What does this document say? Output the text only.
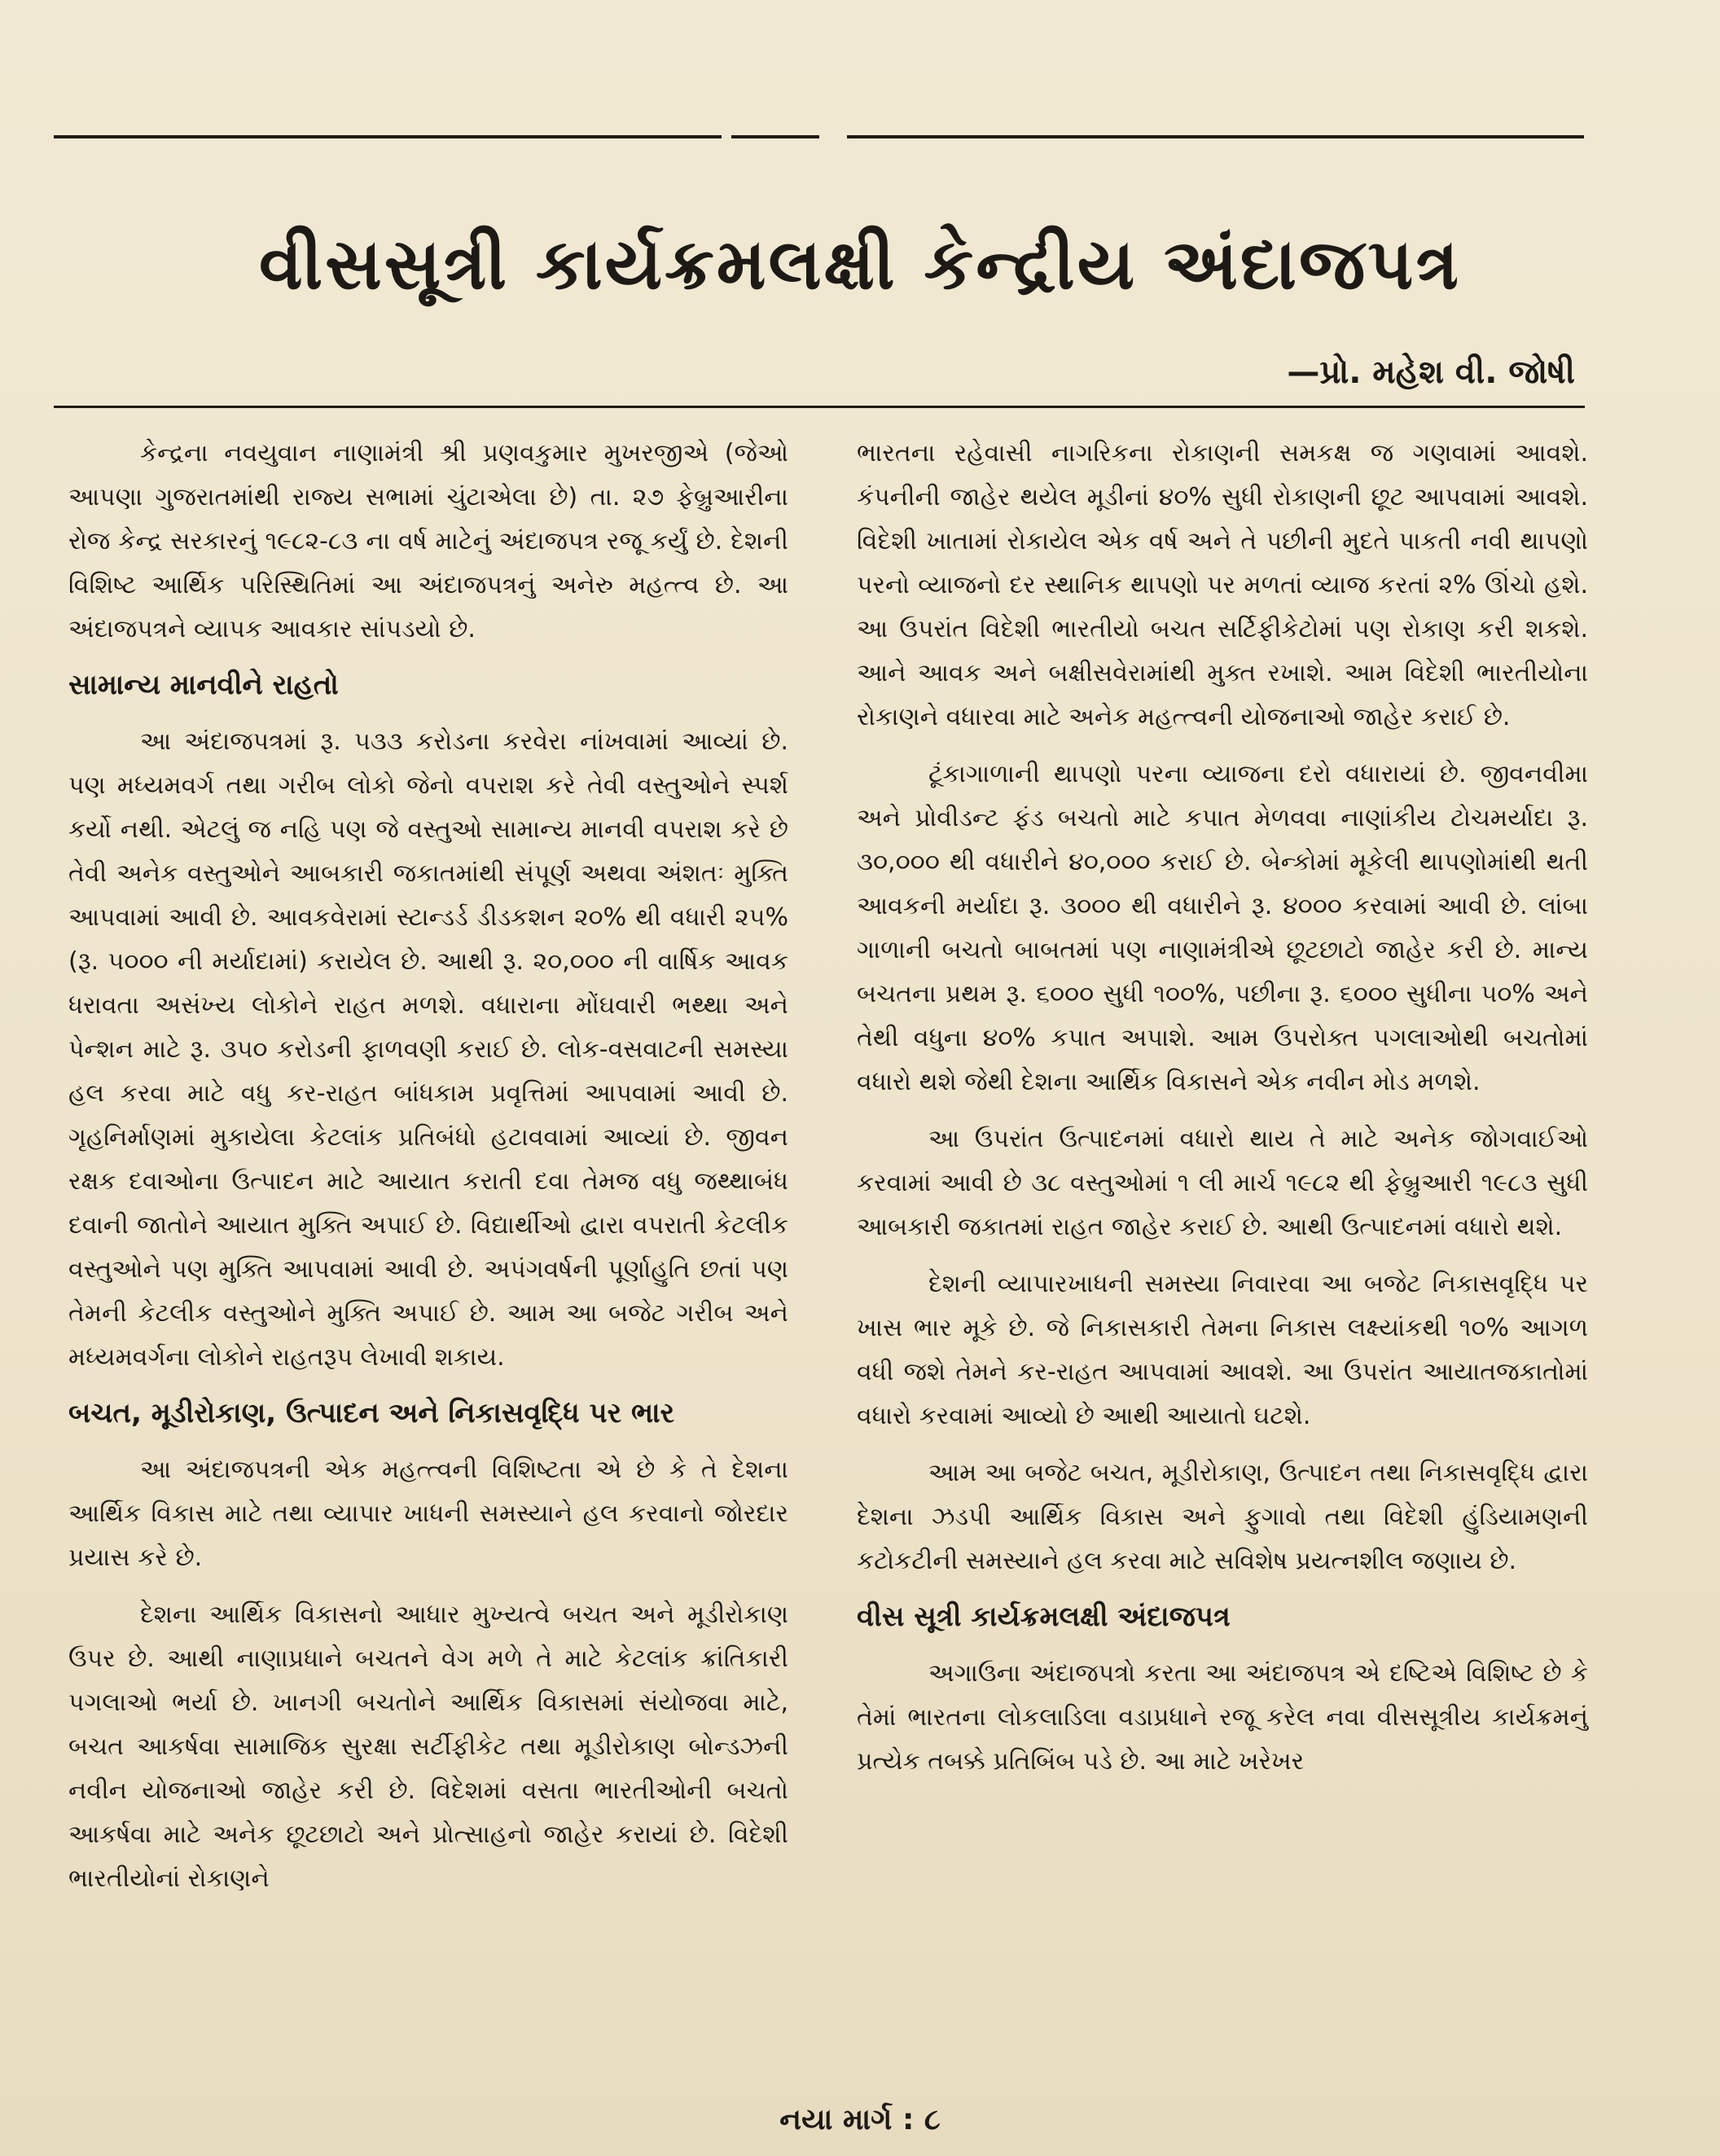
વીસસૂત્રી કાર્યક્રમલક્ષી કેન્દ્રીય અંદાજપત્ર
—પ્રો. મહેશ વી. જોષી

કેન્દ્રના નવયુવાન નાણામંત્રી શ્રી પ્રણવકુમાર મુખરજીએ (જેઓ આપણા ગુજરાતમાંથી રાજ્ય સભામાં ચુંટાએલા છે) તા. ૨૭ ફેબ્રુઆરીના રોજ કેન્દ્ર સરકારનું ૧૯૮૨-૮૩ ના વર્ષ માટેનું અંદાજપત્ર રજૂ કર્યું છે. દેશની વિશિષ્ટ આર્થિક પરિસ્થિતિમાં આ અંદાજપત્રનું અનેરુ મહત્ત્વ છે. આ અંદાજપત્રને વ્યાપક આવકાર સાંપડયો છે.

સામાન્ય માનવીને રાહતો

આ અંદાજપત્રમાં રૂ. ૫૩૩ કરોડના કરવેરા નાંખવામાં આવ્યાં છે. પણ મધ્યમવર્ગ તથા ગરીબ લોકો જેનો વપરાશ કરે તેવી વસ્તુઓને સ્પર્શ કર્યો નથી. એટલું જ નહિ પણ જે વસ્તુઓ સામાન્ય માનવી વપરાશ કરે છે તેવી અનેક વસ્તુઓને આબકારી જકાતમાંથી સંપૂર્ણ અથવા અંશતઃ મુક્તિ આપવામાં આવી છે. આવકવેરામાં સ્ટાન્ડર્ડ ડીડકશન ૨૦% થી વધારી ૨૫% (રૂ. ૫૦૦૦ ની મર્યાદામાં) કરાયેલ છે. આથી રૂ. ૨૦,૦૦૦ ની વાર્ષિક આવક ધરાવતા અસંખ્ય લોકોને રાહત મળશે. વધારાના મોંઘવારી ભથ્થા અને પેન્શન માટે રૂ. ૩૫૦ કરોડની ફાળવણી કરાઈ છે. લોક-વસવાટની સમસ્યા હલ કરવા માટે વધુ કર-રાહત બાંધકામ પ્રવૃત્તિમાં આપવામાં આવી છે. ગૃહનિર્માણમાં મુકાયેલા કેટલાંક પ્રતિબંધો હટાવવામાં આવ્યાં છે. જીવન રક્ષક દવાઓના ઉત્પાદન માટે આયાત કરાતી દવા તેમજ વધુ જથ્થાબંધ દવાની જાતોને આયાત મુક્તિ અપાઈ છે. વિદ્યાર્થીઓ દ્વારા વપરાતી કેટલીક વસ્તુઓને પણ મુક્તિ આપવામાં આવી છે. અપંગવર્ષની પૂર્ણાહુતિ છતાં પણ તેમની કેટલીક વસ્તુઓને મુક્તિ અપાઈ છે. આમ આ બજેટ ગરીબ અને મધ્યમવર્ગના લોકોને રાહતરૂપ લેખાવી શકાય.

બચત, મૂડીરોકાણ, ઉત્પાદન અને નિકાસવૃદ્ધિ પર ભાર

આ અંદાજપત્રની એક મહત્ત્વની વિશિષ્ટતા એ છે કે તે દેશના આર્થિક વિકાસ માટે તથા વ્યાપાર ખાધની સમસ્યાને હલ કરવાનો જોરદાર પ્રયાસ કરે છે.

દેશના આર્થિક વિકાસનો આધાર મુખ્યત્વે બચત અને મૂડીરોકાણ ઉપર છે. આથી નાણાપ્રધાને બચતને વેગ મળે તે માટે કેટલાંક ક્રાંતિકારી પગલાઓ ભર્યા છે. ખાનગી બચતોને આર્થિક વિકાસમાં સંયોજવા માટે, બચત આકર્ષવા સામાજિક સુરક્ષા સર્ટીફીકેટ તથા મૂડીરોકાણ બોન્ડઝની નવીન યોજનાઓ જાહેર કરી છે. વિદેશમાં વસતા ભારતીઓની બચતો આકર્ષવા માટે અનેક છૂટછાટો અને પ્રોત્સાહનો જાહેર કરાયાં છે. વિદેશી ભારતીયોનાં રોકાણને

ભારતના રહેવાસી નાગરિકના રોકાણની સમકક્ષ જ ગણવામાં આવશે. કંપનીની જાહેર થયેલ મૂડીનાં ૪૦% સુધી રોકાણની છૂટ આપવામાં આવશે. વિદેશી ખાતામાં રોકાયેલ એક વર્ષ અને તે પછીની મુદતે પાકતી નવી થાપણો પરનો વ્યાજનો દર સ્થાનિક થાપણો પર મળતાં વ્યાજ કરતાં ૨% ઊંચો હશે. આ ઉપરાંત વિદેશી ભારતીયો બચત સર્ટિફીકેટોમાં પણ રોકાણ કરી શકશે. આને આવક અને બક્ષીસવેરામાંથી મુક્ત રખાશે. આમ વિદેશી ભારતીયોના રોકાણને વધારવા માટે અનેક મહત્ત્વની યોજનાઓ જાહેર કરાઈ છે.

ટૂંકાગાળાની થાપણો પરના વ્યાજના દરો વધારાયાં છે. જીવનવીમા અને પ્રોવીડન્ટ ફંડ બચતો માટે કપાત મેળવવા નાણાંકીય ટોચમર્યાદા રૂ. ૩૦,૦૦૦ થી વધારીને ૪૦,૦૦૦ કરાઈ છે. બેન્કોમાં મૂકેલી થાપણોમાંથી થતી આવકની મર્યાદા રૂ. ૩૦૦૦ થી વધારીને રૂ. ૪૦૦૦ કરવામાં આવી છે. લાંબા ગાળાની બચતો બાબતમાં પણ નાણામંત્રીએ છૂટછાટો જાહેર કરી છે. માન્ય બચતના પ્રથમ રૂ. ૬૦૦૦ સુધી ૧૦૦%, પછીના રૂ. ૬૦૦૦ સુધીના ૫૦% અને તેથી વધુના ૪૦% કપાત અપાશે. આમ ઉપરોક્ત પગલાઓથી બચતોમાં વધારો થશે જેથી દેશના આર્થિક વિકાસને એક નવીન મોડ મળશે.

આ ઉપરાંત ઉત્પાદનમાં વધારો થાય તે માટે અનેક જોગવાઈઓ કરવામાં આવી છે ૩૮ વસ્તુઓમાં ૧ લી માર્ચ ૧૯૮૨ થી ફેબ્રુઆરી ૧૯૮૩ સુધી આબકારી જકાતમાં રાહત જાહેર કરાઈ છે. આથી ઉત્પાદનમાં વધારો થશે.

દેશની વ્યાપારખાધની સમસ્યા નિવારવા આ બજેટ નિકાસવૃદ્ધિ પર ખાસ ભાર મૂકે છે. જે નિકાસકારી તેમના નિકાસ લક્ષ્યાંકથી ૧૦% આગળ વધી જશે તેમને કર-રાહત આપવામાં આવશે. આ ઉપરાંત આયાતજકાતોમાં વધારો કરવામાં આવ્યો છે આથી આયાતો ઘટશે.

આમ આ બજેટ બચત, મૂડીરોકાણ, ઉત્પાદન તથા નિકાસવૃદ્ધિ દ્વારા દેશના ઝડપી આર્થિક વિકાસ અને ફુગાવો તથા વિદેશી હુંડિયામણની કટોકટીની સમસ્યાને હલ કરવા માટે સવિશેષ પ્રયત્નશીલ જણાય છે.

વીસ સૂત્રી કાર્યક્રમલક્ષી અંદાજપત્ર

અગાઉના અંદાજપત્રો કરતા આ અંદાજપત્ર એ દષ્ટિએ વિશિષ્ટ છે કે તેમાં ભારતના લોકલાડિલા વડાપ્રધાને રજૂ કરેલ નવા વીસસૂત્રીય કાર્યક્રમનું પ્રત્યેક તબક્કે પ્રતિબિંબ પડે છે. આ માટે ખરેખર

નયા માર્ગ : ૮
